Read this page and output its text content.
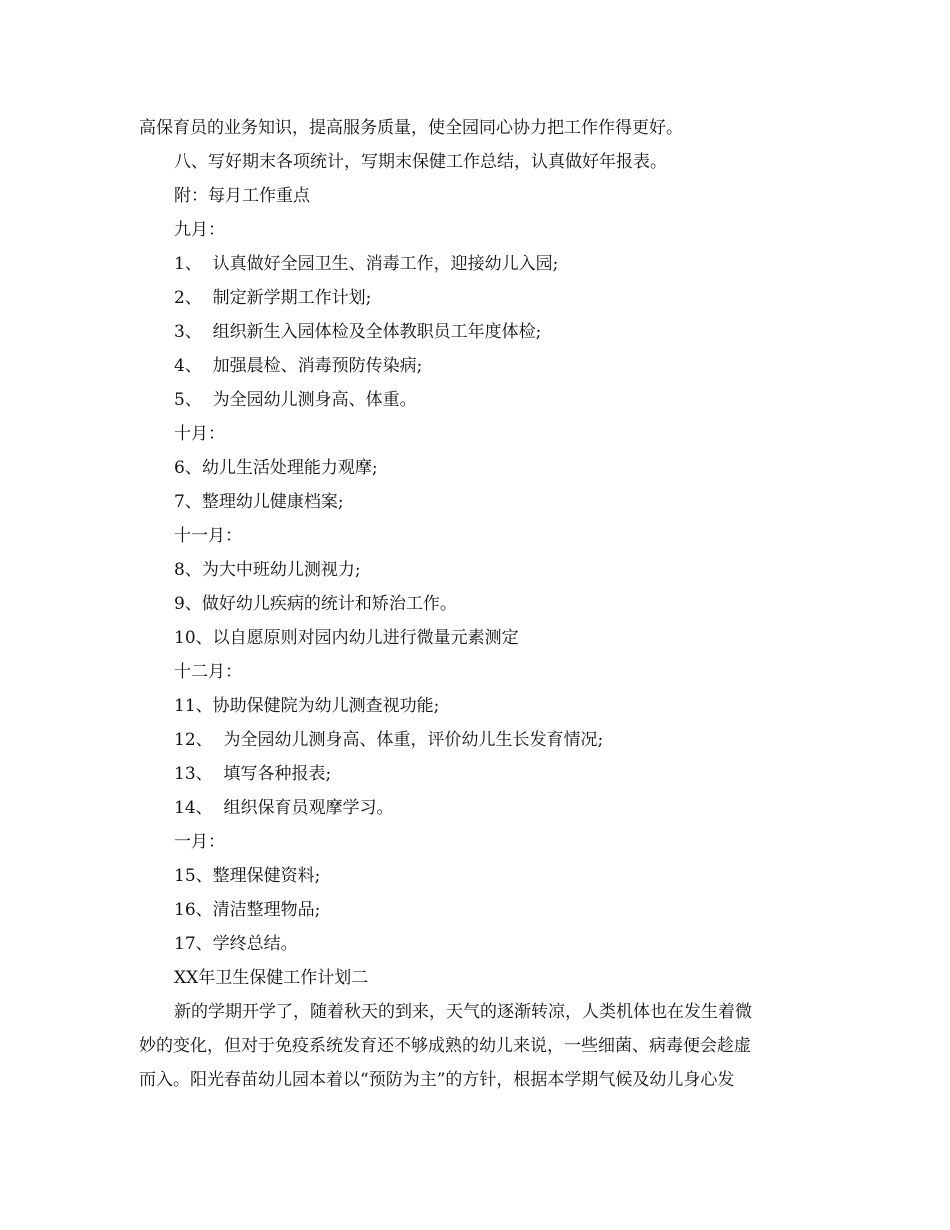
高保育员的业务知识，提高服务质量，使全园同心协力把工作作得更好。
八、写好期末各项统计，写期末保健工作总结，认真做好年报表。
附：每月工作重点
九月：
1、  认真做好全园卫生、消毒工作，迎接幼儿入园;
2、  制定新学期工作计划;
3、  组织新生入园体检及全体教职员工年度体检;
4、  加强晨检、消毒预防传染病;
5、  为全园幼儿测身高、体重。
十月：
6、幼儿生活处理能力观摩;
7、整理幼儿健康档案;
十一月：
8、为大中班幼儿测视力;
9、做好幼儿疾病的统计和矫治工作。
10、以自愿原则对园内幼儿进行微量元素测定
十二月：
11、协助保健院为幼儿测查视功能;
12、  为全园幼儿测身高、体重，评价幼儿生长发育情况;
13、  填写各种报表;
14、  组织保育员观摩学习。
一月：
15、整理保健资料;
16、清洁整理物品;
17、学终总结。
XX年卫生保健工作计划二
新的学期开学了，随着秋天的到来，天气的逐渐转凉，人类机体也在发生着微
妙的变化，但对于免疫系统发育还不够成熟的幼儿来说，一些细菌、病毒便会趁虚
而入。阳光春苗幼儿园本着以“预防为主”的方针，根据本学期气候及幼儿身心发
